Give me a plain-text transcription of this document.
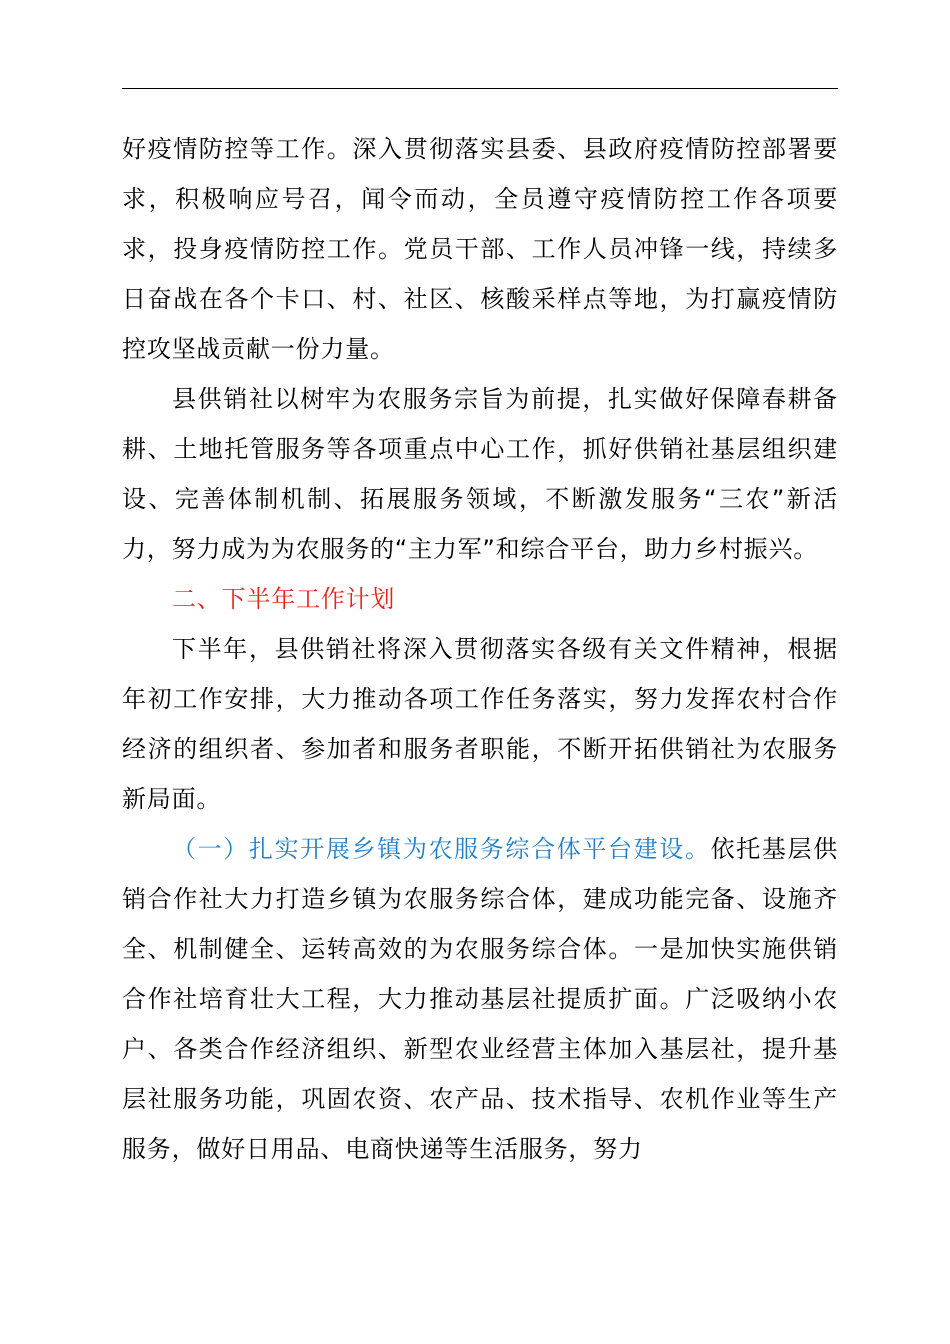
好疫情防控等工作。深入贯彻落实县委、县政府疫情防控部署要求，积极响应号召，闻令而动，全员遵守疫情防控工作各项要求，投身疫情防控工作。党员干部、工作人员冲锋一线，持续多日奋战在各个卡口、村、社区、核酸采样点等地，为打赢疫情防控攻坚战贡献一份力量。

县供销社以树牢为农服务宗旨为前提，扎实做好保障春耕备耕、土地托管服务等各项重点中心工作，抓好供销社基层组织建设、完善体制机制、拓展服务领域，不断激发服务“三农”新活力，努力成为为农服务的“主力军”和综合平台，助力乡村振兴。

二、下半年工作计划

下半年，县供销社将深入贯彻落实各级有关文件精神，根据年初工作安排，大力推动各项工作任务落实，努力发挥农村合作经济的组织者、参加者和服务者职能，不断开拓供销社为农服务新局面。

（一）扎实开展乡镇为农服务综合体平台建设。依托基层供销合作社大力打造乡镇为农服务综合体，建成功能完备、设施齐全、机制健全、运转高效的为农服务综合体。一是加快实施供销合作社培育壮大工程，大力推动基层社提质扩面。广泛吸纳小农户、各类合作经济组织、新型农业经营主体加入基层社，提升基层社服务功能，巩固农资、农产品、技术指导、农机作业等生产服务，做好日用品、电商快递等生活服务，努力
